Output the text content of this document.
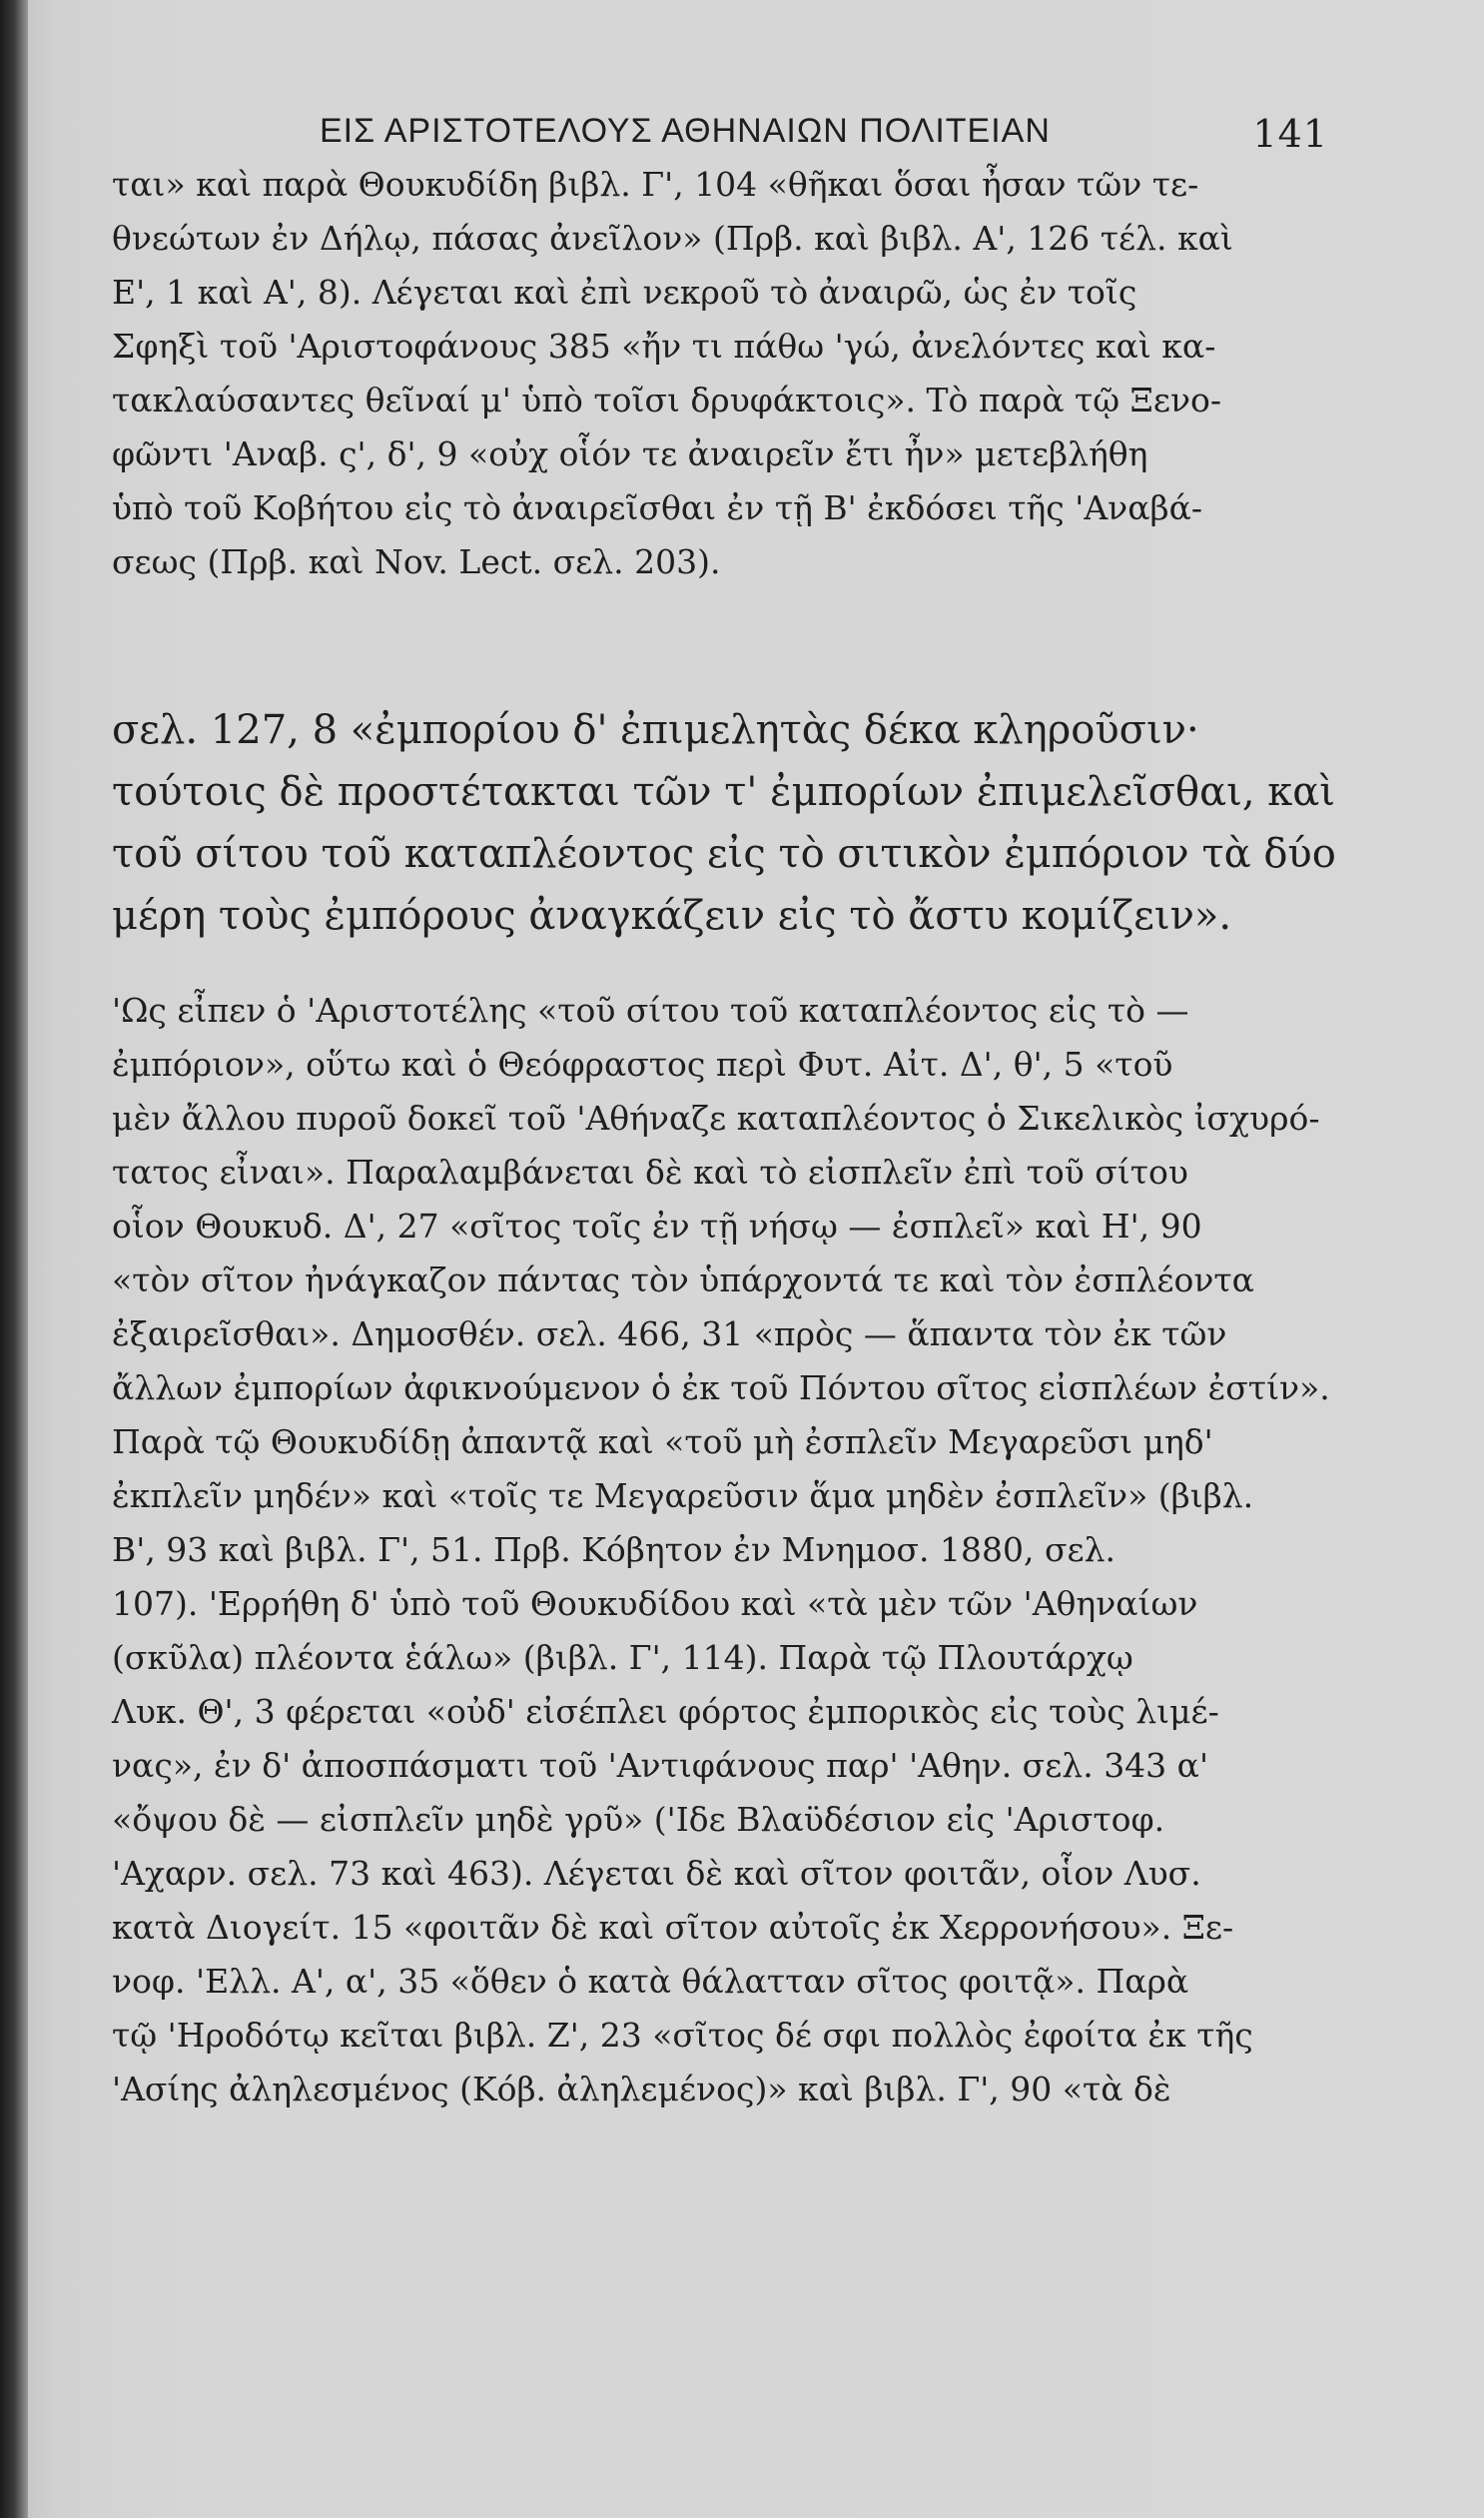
ΕΙΣ ΑΡΙΣΤΟΤΕΛΟΥΣ ΑΘΗΝΑΙΩΝ ΠΟΛΙΤΕΙΑΝ	141
ται» καὶ παρὰ Θουκυδίδη βιβλ. Γ', 104 «θῆκαι ὅσαι ἦσαν τῶν τε-
θνεώτων ἐν Δήλῳ, πάσας ἀνεῖλον» (Πρβ. καὶ βιβλ. Α', 126 τέλ. καὶ
Ε', 1 καὶ Α', 8). Λέγεται καὶ ἐπὶ νεκροῦ τὸ ἀναιρῶ, ὡς ἐν τοῖς
Σφηξὶ τοῦ 'Αριστοφάνους 385 «ἤν τι πάθω 'γώ, ἀνελόντες καὶ κα-
τακλαύσαντες θεῖναί μ' ὑπὸ τοῖσι δρυφάκτοις». Τὸ παρὰ τῷ Ξενο-
φῶντι 'Αναβ. ς', δ', 9 «οὐχ οἷόν τε ἀναιρεῖν ἔτι ἦν» μετεβλήθη
ὑπὸ τοῦ Κοβήτου εἰς τὸ ἀναιρεῖσθαι ἐν τῇ Β' ἐκδόσει τῆς 'Αναβά-
σεως (Πρβ. καὶ Nov. Lect. σελ. 203).
σελ. 127, 8 «ἐμπορίου δ' ἐπιμελητὰς δέκα κληροῦσιν·
τούτοις δὲ προστέτακται τῶν τ' ἐμπορίων ἐπιμελεῖσθαι, καὶ
τοῦ σίτου τοῦ καταπλέοντος εἰς τὸ σιτικὸν ἐμπόριον τὰ δύο
μέρη τοὺς ἐμπόρους ἀναγκάζειν εἰς τὸ ἄστυ κομίζειν».
'Ως εἶπεν ὁ 'Αριστοτέλης «τοῦ σίτου τοῦ καταπλέοντος εἰς τὸ —
ἐμπόριον», οὕτω καὶ ὁ Θεόφραστος περὶ Φυτ. Αἰτ. Δ', θ', 5 «τοῦ
μὲν ἄλλου πυροῦ δοκεῖ τοῦ 'Αθήναζε καταπλέοντος ὁ Σικελικὸς ἰσχυρό-
τατος εἶναι». Παραλαμβάνεται δὲ καὶ τὸ εἰσπλεῖν ἐπὶ τοῦ σίτου
οἷον Θουκυδ. Δ', 27 «σῖτος τοῖς ἐν τῇ νήσῳ — ἐσπλεῖ» καὶ Η', 90
«τὸν σῖτον ἠνάγκαζον πάντας τὸν ὑπάρχοντά τε καὶ τὸν ἐσπλέοντα
ἐξαιρεῖσθαι». Δημοσθέν. σελ. 466, 31 «πρὸς — ἅπαντα τὸν ἐκ τῶν
ἄλλων ἐμπορίων ἀφικνούμενον ὁ ἐκ τοῦ Πόντου σῖτος εἰσπλέων ἐστίν».
Παρὰ τῷ Θουκυδίδῃ ἀπαντᾷ καὶ «τοῦ μὴ ἐσπλεῖν Μεγαρεῦσι μηδ'
ἐκπλεῖν μηδέν» καὶ «τοῖς τε Μεγαρεῦσιν ἅμα μηδὲν ἐσπλεῖν» (βιβλ.
Β', 93 καὶ βιβλ. Γ', 51. Πρβ. Κόβητον ἐν Μνημοσ. 1880, σελ.
107). 'Ερρήθη δ' ὑπὸ τοῦ Θουκυδίδου καὶ «τὰ μὲν τῶν 'Αθηναίων
(σκῦλα) πλέοντα ἑάλω» (βιβλ. Γ', 114). Παρὰ τῷ Πλουτάρχῳ
Λυκ. Θ', 3 φέρεται «οὐδ' εἰσέπλει φόρτος ἐμπορικὸς εἰς τοὺς λιμέ-
νας», ἐν δ' ἀποσπάσματι τοῦ 'Αντιφάνους παρ' 'Αθην. σελ. 343 α'
«ὄψου δὲ — εἰσπλεῖν μηδὲ γρῦ» ('Ιδε Βλαϋδέσιον εἰς 'Αριστοφ.
'Αχαρν. σελ. 73 καὶ 463). Λέγεται δὲ καὶ σῖτον φοιτᾶν, οἷον Λυσ.
κατὰ Διογείτ. 15 «φοιτᾶν δὲ καὶ σῖτον αὐτοῖς ἐκ Χερρονήσου». Ξε-
νοφ. 'Ελλ. Α', α', 35 «ὅθεν ὁ κατὰ θάλατταν σῖτος φοιτᾷ». Παρὰ
τῷ 'Ηροδότῳ κεῖται βιβλ. Ζ', 23 «σῖτος δέ σφι πολλὸς ἐφοίτα ἐκ τῆς
'Ασίης ἀληλεσμένος (Κόβ. ἀληλεμένος)» καὶ βιβλ. Γ', 90 «τὰ δὲ
